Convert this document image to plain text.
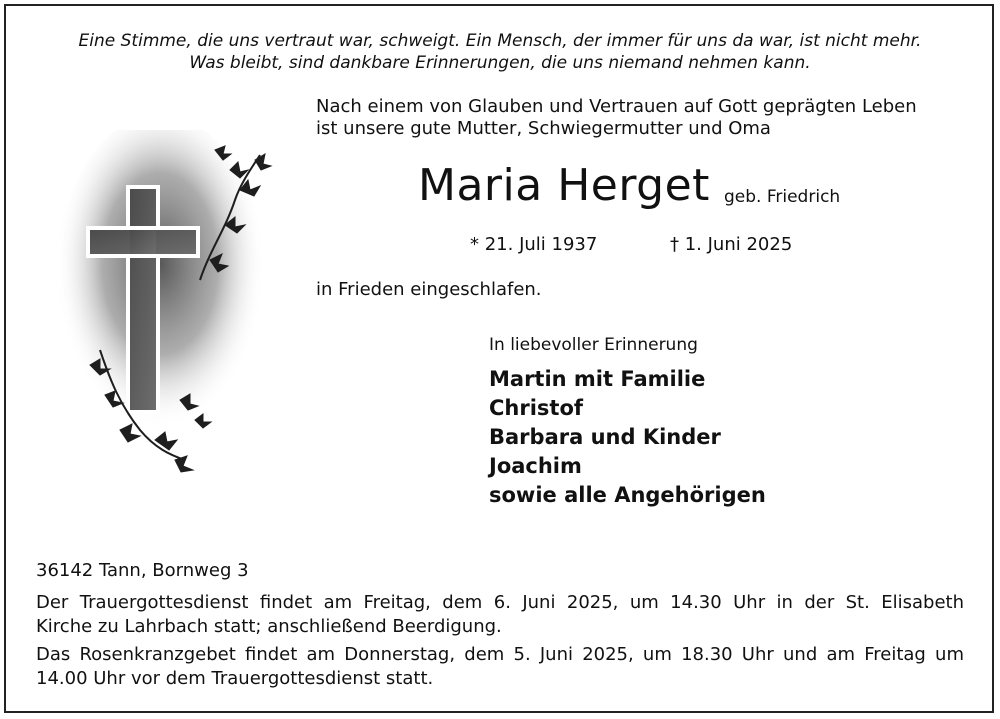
Eine Stimme, die uns vertraut war, schweigt. Ein Mensch, der immer für uns da war, ist nicht mehr.
Was bleibt, sind dankbare Erinnerungen, die uns niemand nehmen kann.
Nach einem von Glauben und Vertrauen auf Gott geprägten Leben
ist unsere gute Mutter, Schwiegermutter und Oma
Maria Herget geb. Friedrich
* 21. Juli 1937	† 1. Juni 2025
in Frieden eingeschlafen.
In liebevoller Erinnerung
Martin mit Familie
Christof
Barbara und Kinder
Joachim
sowie alle Angehörigen
36142 Tann, Bornweg 3
Der Trauergottesdienst findet am Freitag, dem 6. Juni 2025, um 14.30 Uhr in der St. Elisabeth
Kirche zu Lahrbach statt; anschließend Beerdigung.
Das Rosenkranzgebet findet am Donnerstag, dem 5. Juni 2025, um 18.30 Uhr und am Freitag um
14.00 Uhr vor dem Trauergottesdienst statt.
